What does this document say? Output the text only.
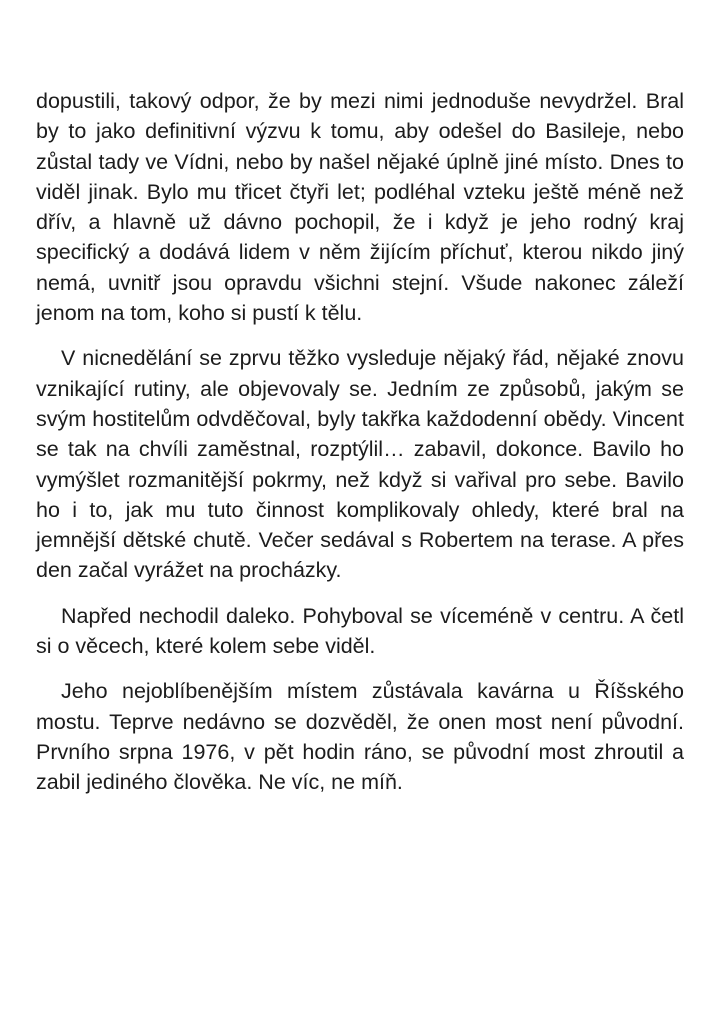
dopustili, takový odpor, že by mezi nimi jednoduše nevydržel. Bral by to jako definitivní výzvu k tomu, aby odešel do Basileje, nebo zůstal tady ve Vídni, nebo by našel nějaké úplně jiné místo. Dnes to viděl jinak. Bylo mu třicet čtyři let; podléhal vzteku ještě méně než dřív, a hlavně už dávno pochopil, že i když je jeho rodný kraj specifický a dodává lidem v něm žijícím příchuť, kterou nikdo jiný nemá, uvnitř jsou opravdu všichni stejní. Všude nakonec záleží jenom na tom, koho si pustí k tělu.

V nicnedělání se zprvu těžko vysleduje nějaký řád, nějaké znovu vznikající rutiny, ale objevovaly se. Jedním ze způsobů, jakým se svým hostitelům odvděčoval, byly takřka každodenní obědy. Vincent se tak na chvíli zaměstnal, rozptýlil… zabavil, dokonce. Bavilo ho vymýšlet rozmanitější pokrmy, než když si vařival pro sebe. Bavilo ho i to, jak mu tuto činnost komplikovaly ohledy, které bral na jemnější dětské chutě. Večer sedával s Robertem na terase. A přes den začal vyrážet na procházky.

Napřed nechodil daleko. Pohyboval se víceméně v centru. A četl si o věcech, které kolem sebe viděl.

Jeho nejoblíbenějším místem zůstávala kavárna u Říšského mostu. Teprve nedávno se dozvěděl, že onen most není původní. Prvního srpna 1976, v pět hodin ráno, se původní most zhroutil a zabil jediného člověka. Ne víc, ne míň.
